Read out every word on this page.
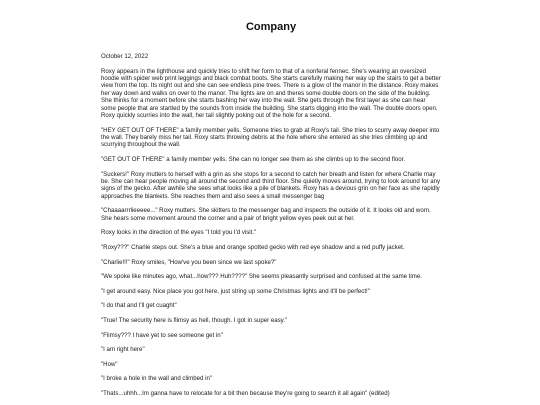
Company
October 12, 2022

Roxy appears in the lighthouse and quickly tries to shift her form to that of a nonferal fennec. She's wearing an oversized hoodie with spider web print leggings and black combat boots. She starts carefully making her way up the stairs to get a better view from the top. Its night out and she can see endless pine trees. There is a glow of the manor in the distance. Roxy makes her way down and walks on over to the manor. The lights are on and theres some double doors on the side of the building. She thinks for a moment before she starts bashing her way into the wall. She gets through the first layer as she can hear some people that are startled by the sounds from inside the building. She starts digging into the wall. The double doors open. Roxy quickly scurries into the wall, her tail slightly poking out of the hole for a second.

"HEY GET OUT OF THERE" a family member yells. Someone tries to grab at Roxy's tail. She tries to scurry away deeper into the wall. They barely miss her tail. Roxy starts throwing debris at the hole where she entered as she tries climbing up and scurrying throughout the wall.

"GET OUT OF THERE" a family member yells. She can no longer see them as she climbs up to the second floor.

"Suckers!" Roxy mutters to herself with a grin as she stops for a second to catch her breath and listen for where Charlie may be. She can hear people moving all around the second and third floor. She quietly moves around, trying to look around for any signs of the gecko. After awhile she sees what looks like a pile of blankets. Roxy has a devious grin on her face as she rapidly approaches the blankets. She reaches them and also sees a small messenger bag

"Chaaaarrrlieeeee..." Roxy mutters. She skitters to the messenger bag and inspects the outside of it. It looks old and worn. She hears some movement around the corner and a pair of bright yellow eyes peek out at her.

Roxy looks in the direction of the eyes "I told you I'd visit."

"Roxy???" Charlie steps out. She's a blue and orange spotted gecko with red eye shadow and a red puffy jacket.

"Charlie!!!" Roxy smiles, "How've you been since we last spoke?"

"We spoke like minutes ago, what...how??? Huh????" She seems pleasantly surprised and confused at the same time.

"I get around easy. Nice place you got here, just string up some Christmas lights and it'll be perfect!"

"I do that and I'll get cuaght"

"True! The security here is flimsy as hell, though. I got in super easy."

"Flimsy??? I have yet to see someone get in"

"I am right here"

"How"

"I broke a hole in the wall and climbed in"

"Thats...uhhh...Im ganna have to relocate for a bit then because they're going to search it all again" (edited)
